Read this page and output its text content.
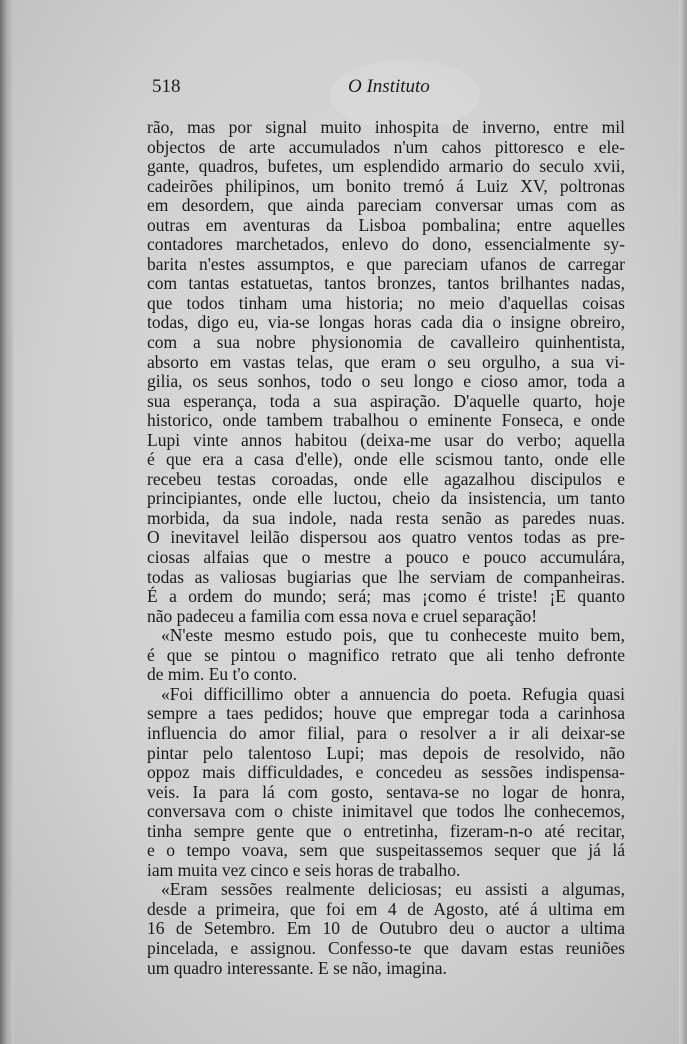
518	O Instituto
rão, mas por signal muito inhospita de inverno, entre mil
objectos de arte accumulados n'um cahos pittoresco e ele-
gante, quadros, bufetes, um esplendido armario do seculo xvii,
cadeirões philipinos, um bonito tremó á Luiz XV, poltronas
em desordem, que ainda pareciam conversar umas com as
outras em aventuras da Lisboa pombalina; entre aquelles
contadores marchetados, enlevo do dono, essencialmente sy-
barita n'estes assumptos, e que pareciam ufanos de carregar
com tantas estatuetas, tantos bronzes, tantos brilhantes nadas,
que todos tinham uma historia; no meio d'aquellas coisas
todas, digo eu, via-se longas horas cada dia o insigne obreiro,
com a sua nobre physionomia de cavalleiro quinhentista,
absorto em vastas telas, que eram o seu orgulho, a sua vi-
gilia, os seus sonhos, todo o seu longo e cioso amor, toda a
sua esperança, toda a sua aspiração. D'aquelle quarto, hoje
historico, onde tambem trabalhou o eminente Fonseca, e onde
Lupi vinte annos habitou (deixa-me usar do verbo; aquella
é que era a casa d'elle), onde elle scismou tanto, onde elle
recebeu testas coroadas, onde elle agazalhou discipulos e
principiantes, onde elle luctou, cheio da insistencia, um tanto
morbida, da sua indole, nada resta senão as paredes nuas.
O inevitavel leilão dispersou aos quatro ventos todas as pre-
ciosas alfaias que o mestre a pouco e pouco accumulára,
todas as valiosas bugiarias que lhe serviam de companheiras.
É a ordem do mundo; será; mas ¡como é triste! ¡E quanto
não padeceu a familia com essa nova e cruel separação!
«N'este mesmo estudo pois, que tu conheceste muito bem,
é que se pintou o magnifico retrato que ali tenho defronte
de mim. Eu t'o conto.
«Foi difficillimo obter a annuencia do poeta. Refugia quasi
sempre a taes pedidos; houve que empregar toda a carinhosa
influencia do amor filial, para o resolver a ir ali deixar-se
pintar pelo talentoso Lupi; mas depois de resolvido, não
oppoz mais difficuldades, e concedeu as sessões indispensa-
veis. Ia para lá com gosto, sentava-se no logar de honra,
conversava com o chiste inimitavel que todos lhe conhecemos,
tinha sempre gente que o entretinha, fizeram-n-o até recitar,
e o tempo voava, sem que suspeitassemos sequer que já lá
iam muita vez cinco e seis horas de trabalho.
«Eram sessões realmente deliciosas; eu assisti a algumas,
desde a primeira, que foi em 4 de Agosto, até á ultima em
16 de Setembro. Em 10 de Outubro deu o auctor a ultima
pincelada, e assignou. Confesso-te que davam estas reuniões
um quadro interessante. E se não, imagina.
